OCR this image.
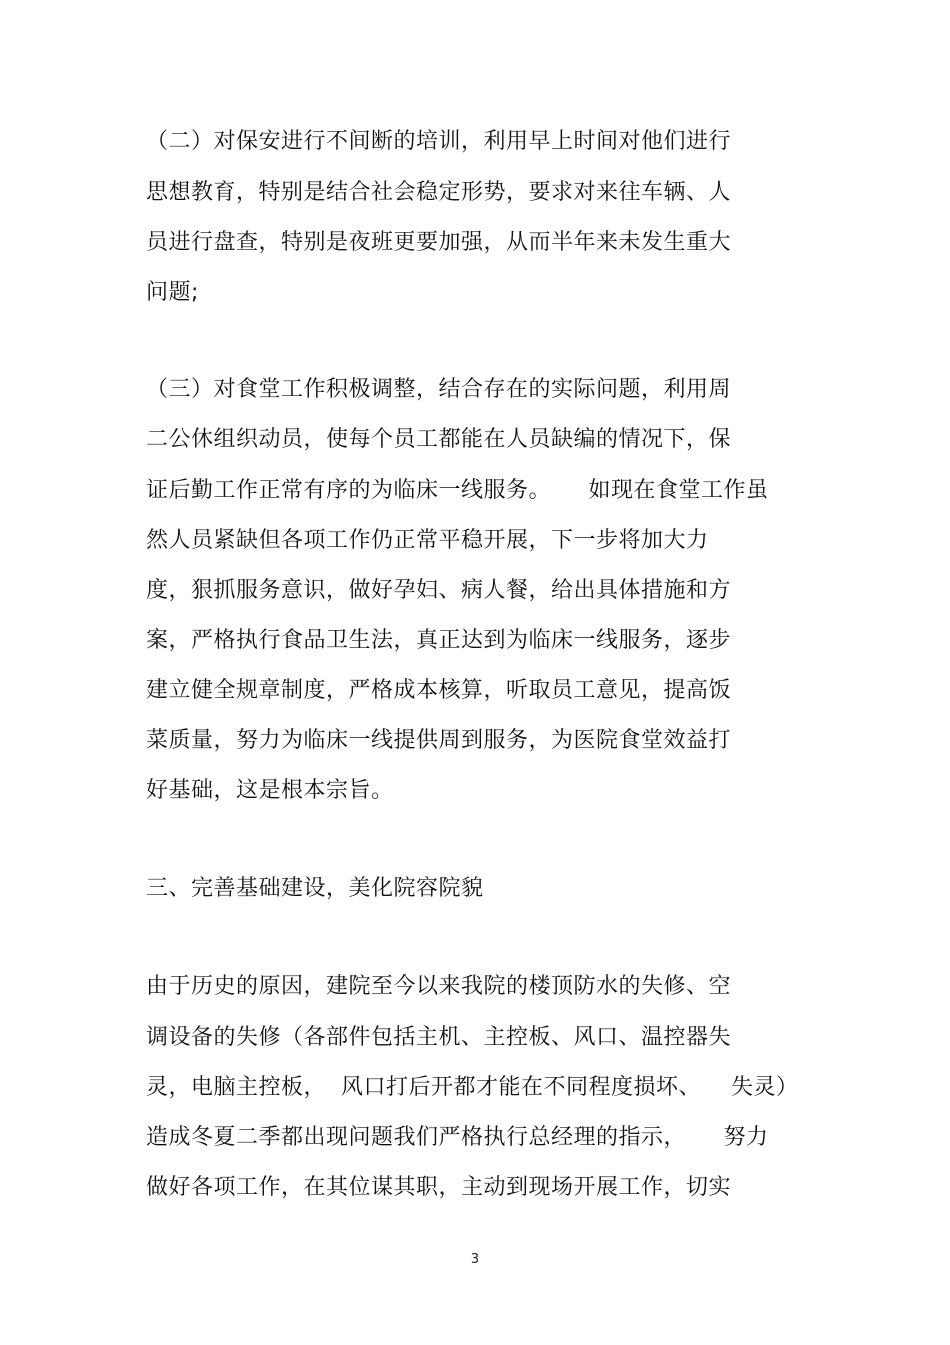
（二）对保安进行不间断的培训，利用早上时间对他们进行
思想教育，特别是结合社会稳定形势，要求对来往车辆、人
员进行盘查，特别是夜班更要加强，从而半年来未发生重大
问题;
（三）对食堂工作积极调整，结合存在的实际问题，利用周
二公休组织动员，使每个员工都能在人员缺编的情况下，保
证后勤工作正常有序的为临床一线服务。     如现在食堂工作虽
然人员紧缺但各项工作仍正常平稳开展，下一步将加大力
度，狠抓服务意识，做好孕妇、病人餐，给出具体措施和方
案，严格执行食品卫生法，真正达到为临床一线服务，逐步
建立健全规章制度，严格成本核算，听取员工意见，提高饭
菜质量，努力为临床一线提供周到服务，为医院食堂效益打
好基础，这是根本宗旨。
三、完善基础建设，美化院容院貌
由于历史的原因，建院至今以来我院的楼顶防水的失修、空
调设备的失修（各部件包括主机、主控板、风口、温控器失
灵，电脑主控板，  风口打后开都才能在不同程度损坏、    失灵）
造成冬夏二季都出现问题我们严格执行总经理的指示，     努力
做好各项工作，在其位谋其职，主动到现场开展工作，切实
3
